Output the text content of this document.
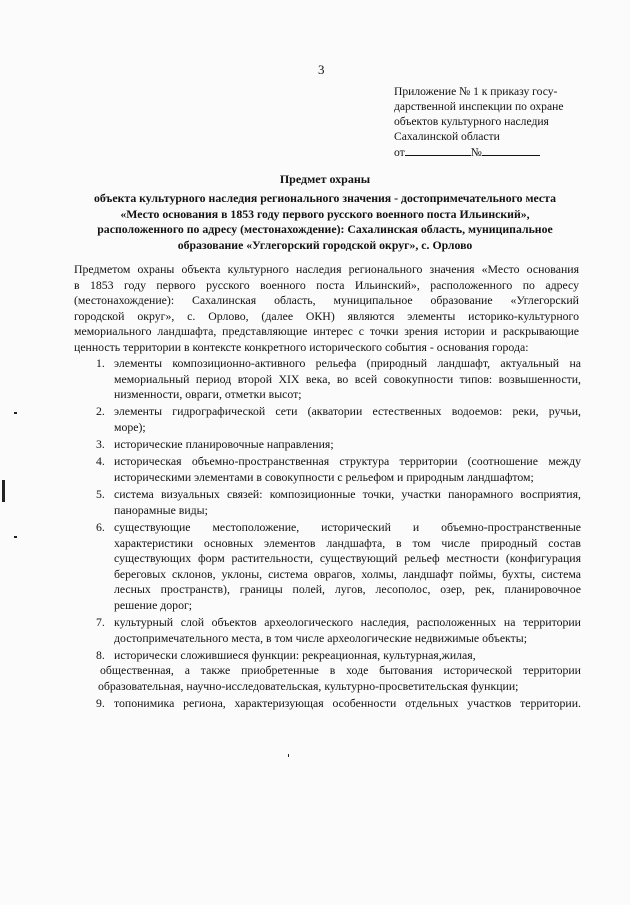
3
Приложение № 1 к приказу госу-
дарственной инспекции по охране
объектов культурного наследия
Сахалинской области
от	№
Предмет охраны
объекта культурного наследия регионального значения - достопримечательного места
«Место основания в 1853 году первого русского военного поста Ильинский»,
расположенного по адресу (местонахождение): Сахалинская область, муниципальное
образование «Углегорский городской округ», с. Орлово
Предметом охраны объекта культурного наследия регионального значения «Место основания
в 1853 году первого русского военного поста Ильинский», расположенного по адресу
(местонахождение): Сахалинская область, муниципальное образование «Углегорский
городской округ», с. Орлово, (далее ОКН) являются элементы историко-культурного
мемориального ландшафта, представляющие интерес с точки зрения истории и раскрывающие
ценность территории в контексте конкретного исторического события - основания города:
1. элементы композиционно-активного рельефа (природный ландшафт, актуальный на
мемориальный период второй XIX века, во всей совокупности типов: возвышенности,
низменности, овраги, отметки высот;
2. элементы гидрографической сети (акватории естественных водоемов: реки, ручьи,
море);
3. исторические планировочные направления;
4. историческая объемно-пространственная структура территории (соотношение между
историческими элементами в совокупности с рельефом и природным ландшафтом;
5. система визуальных связей: композиционные точки, участки панорамного восприятия,
панорамные виды;
6. существующие местоположение, исторический и объемно-пространственные
характеристики основных элементов ландшафта, в том числе природный состав
существующих форм растительности, существующий рельеф местности (конфигурация
береговых склонов, уклоны, система оврагов, холмы, ландшафт поймы, бухты, система
лесных пространств), границы полей, лугов, лесополос, озер, рек, планировочное
решение дорог;
7. культурный слой объектов археологического наследия, расположенных на территории
достопримечательного места, в том числе археологические недвижимые объекты;
8. исторически сложившиеся функции: рекреационная, культурная,жилая,
общественная, а также приобретенные в ходе бытования исторической территории
образовательная, научно-исследовательская, культурно-просветительская функции;
9. топонимика региона, характеризующая особенности отдельных участков территории.
